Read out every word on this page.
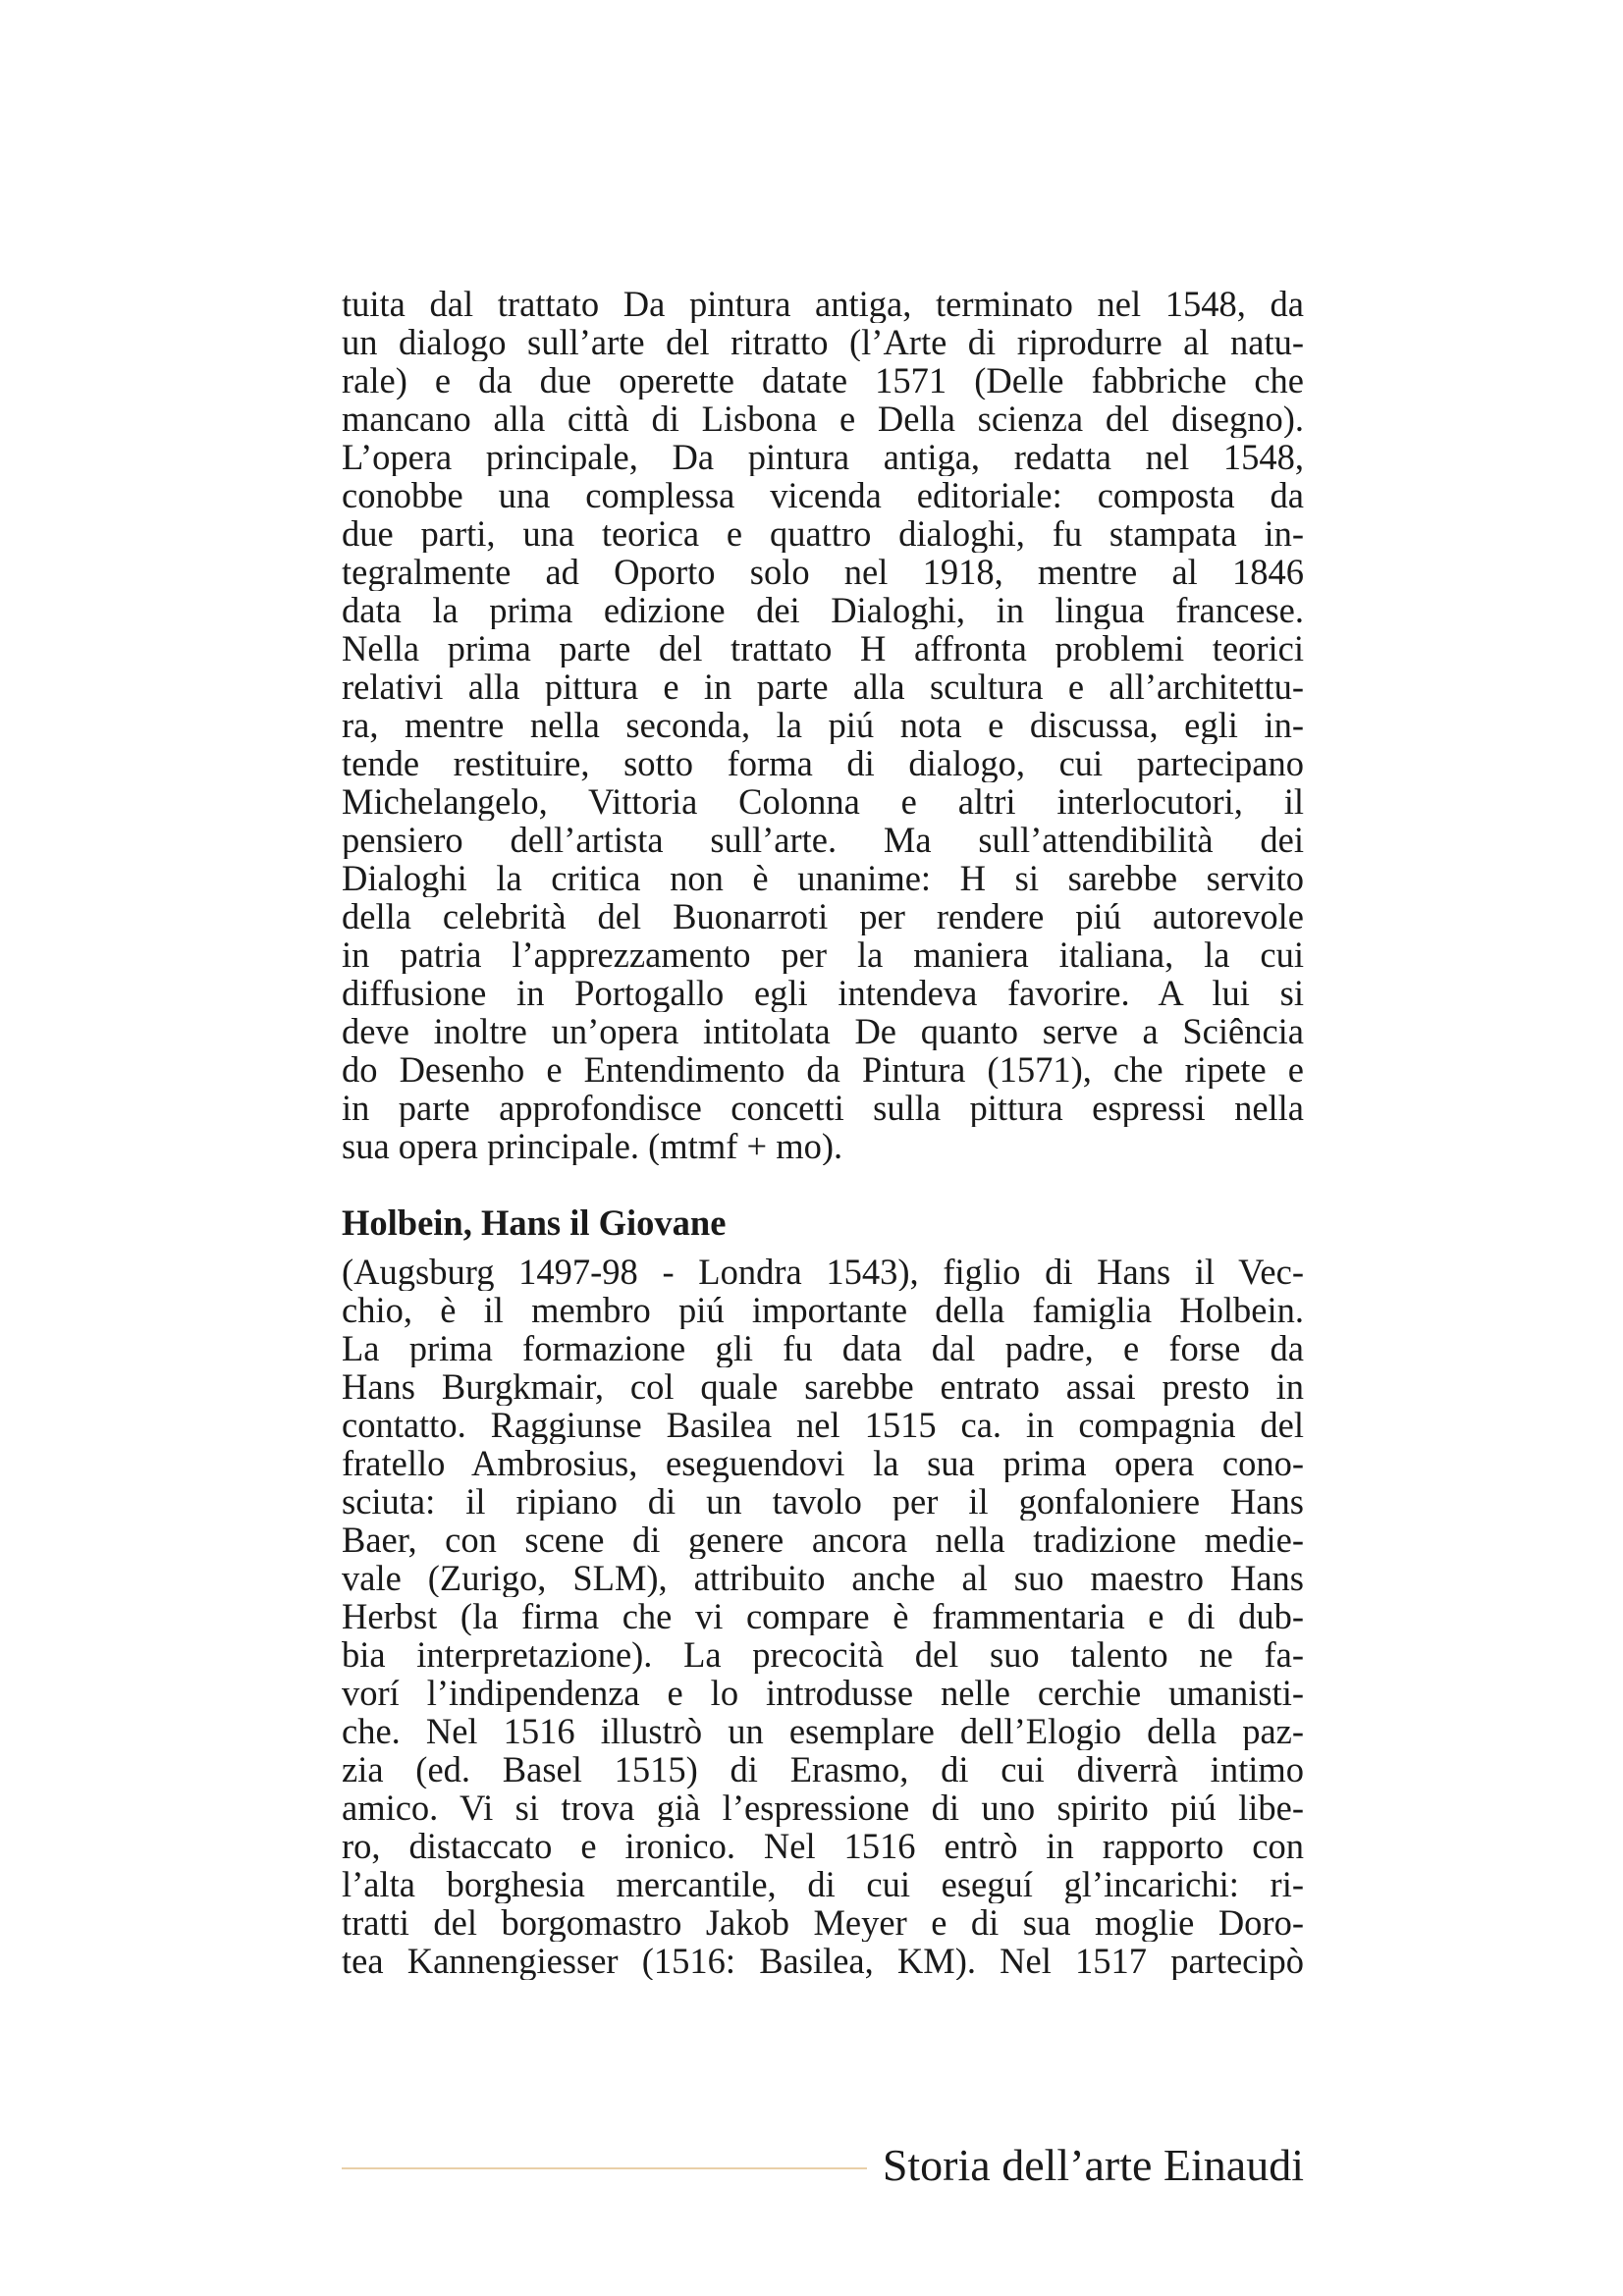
tuita dal trattato Da pintura antiga, terminato nel 1548, da
un dialogo sull’arte del ritratto (l’Arte di riprodurre al natu-
rale) e da due operette datate 1571 (Delle fabbriche che
mancano alla città di Lisbona e Della scienza del disegno).
L’opera principale, Da pintura antiga, redatta nel 1548,
conobbe una complessa vicenda editoriale: composta da
due parti, una teorica e quattro dialoghi, fu stampata in-
tegralmente ad Oporto solo nel 1918, mentre al 1846
data la prima edizione dei Dialoghi, in lingua francese.
Nella prima parte del trattato H affronta problemi teorici
relativi alla pittura e in parte alla scultura e all’architettu-
ra, mentre nella seconda, la piú nota e discussa, egli in-
tende restituire, sotto forma di dialogo, cui partecipano
Michelangelo, Vittoria Colonna e altri interlocutori, il
pensiero dell’artista sull’arte. Ma sull’attendibilità dei
Dialoghi la critica non è unanime: H si sarebbe servito
della celebrità del Buonarroti per rendere piú autorevole
in patria l’apprezzamento per la maniera italiana, la cui
diffusione in Portogallo egli intendeva favorire. A lui si
deve inoltre un’opera intitolata De quanto serve a Sciência
do Desenho e Entendimento da Pintura (1571), che ripete e
in parte approfondisce concetti sulla pittura espressi nella
sua opera principale. (mtmf + mo).
Holbein, Hans il Giovane
(Augsburg 1497-98 - Londra 1543), figlio di Hans il Vec-
chio, è il membro piú importante della famiglia Holbein.
La prima formazione gli fu data dal padre, e forse da
Hans Burgkmair, col quale sarebbe entrato assai presto in
contatto. Raggiunse Basilea nel 1515 ca. in compagnia del
fratello Ambrosius, eseguendovi la sua prima opera cono-
sciuta: il ripiano di un tavolo per il gonfaloniere Hans
Baer, con scene di genere ancora nella tradizione medie-
vale (Zurigo, SLM), attribuito anche al suo maestro Hans
Herbst (la firma che vi compare è frammentaria e di dub-
bia interpretazione). La precocità del suo talento ne fa-
vorí l’indipendenza e lo introdusse nelle cerchie umanisti-
che. Nel 1516 illustrò un esemplare dell’Elogio della paz-
zia (ed. Basel 1515) di Erasmo, di cui diverrà intimo
amico. Vi si trova già l’espressione di uno spirito piú libe-
ro, distaccato e ironico. Nel 1516 entrò in rapporto con
l’alta borghesia mercantile, di cui eseguí gl’incarichi: ri-
tratti del borgomastro Jakob Meyer e di sua moglie Doro-
tea Kannengiesser (1516: Basilea, KM). Nel 1517 partecipò
Storia dell’arte Einaudi
